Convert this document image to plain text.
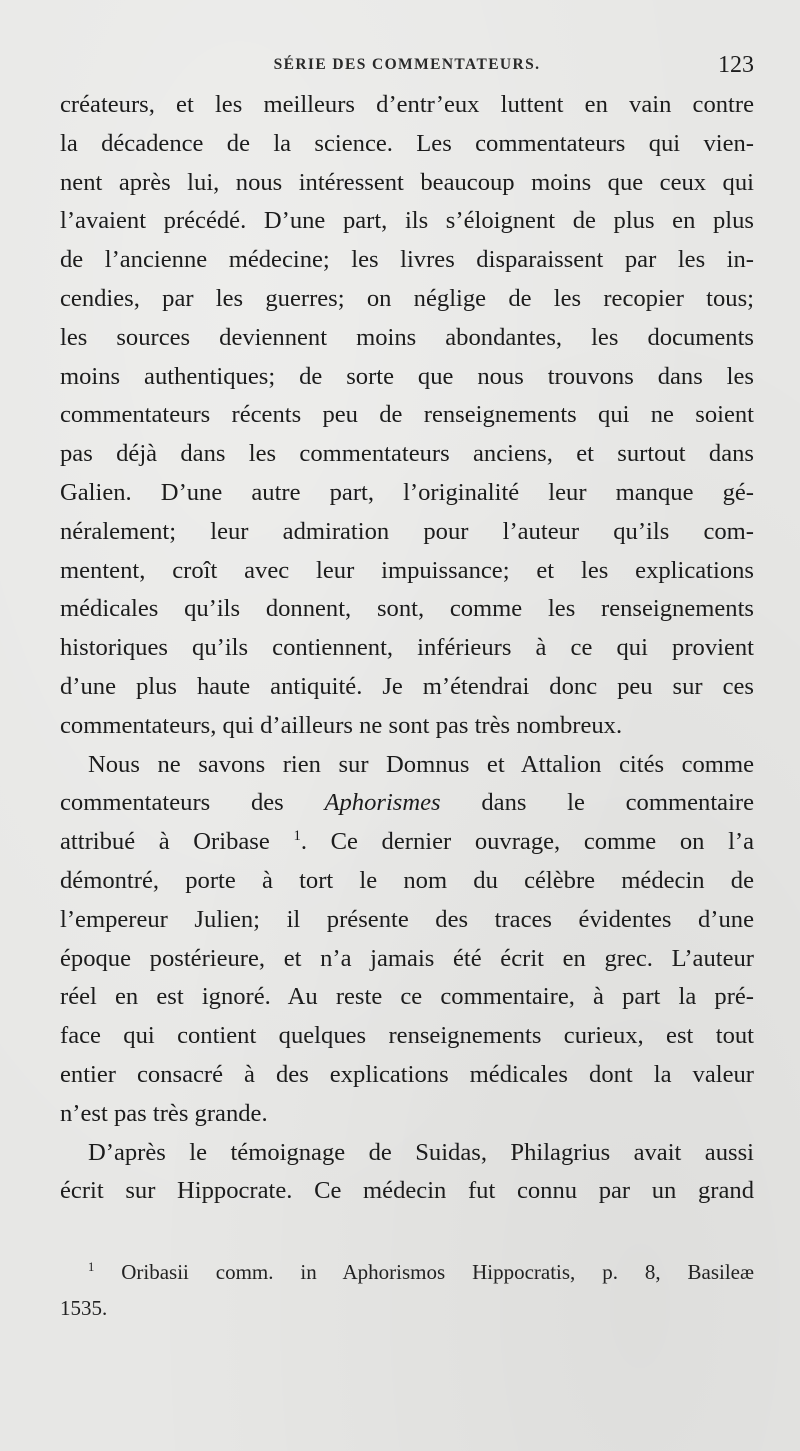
SÉRIE DES COMMENTATEURS.	123
créateurs, et les meilleurs d’entr’eux luttent en vain contre
la décadence de la science. Les commentateurs qui vien-
nent après lui, nous intéressent beaucoup moins que ceux qui
l’avaient précédé. D’une part, ils s’éloignent de plus en plus
de l’ancienne médecine; les livres disparaissent par les in-
cendies, par les guerres; on néglige de les recopier tous;
les sources deviennent moins abondantes, les documents
moins authentiques; de sorte que nous trouvons dans les
commentateurs récents peu de renseignements qui ne soient
pas déjà dans les commentateurs anciens, et surtout dans
Galien. D’une autre part, l’originalité leur manque gé-
néralement; leur admiration pour l’auteur qu’ils com-
mentent, croît avec leur impuissance; et les explications
médicales qu’ils donnent, sont, comme les renseignements
historiques qu’ils contiennent, inférieurs à ce qui provient
d’une plus haute antiquité. Je m’étendrai donc peu sur ces
commentateurs, qui d’ailleurs ne sont pas très nombreux.
Nous ne savons rien sur Domnus et Attalion cités comme
commentateurs des Aphorismes dans le commentaire
attribué à Oribase $^1$. Ce dernier ouvrage, comme on l’a
démontré, porte à tort le nom du célèbre médecin de
l’empereur Julien; il présente des traces évidentes d’une
époque postérieure, et n’a jamais été écrit en grec. L’auteur
réel en est ignoré. Au reste ce commentaire, à part la pré-
face qui contient quelques renseignements curieux, est tout
entier consacré à des explications médicales dont la valeur
n’est pas très grande.
D’après le témoignage de Suidas, Philagrius avait aussi
écrit sur Hippocrate. Ce médecin fut connu par un grand
$^1$ Oribasii comm. in Aphorismos Hippocratis, p. 8, Basileæ
1535.
